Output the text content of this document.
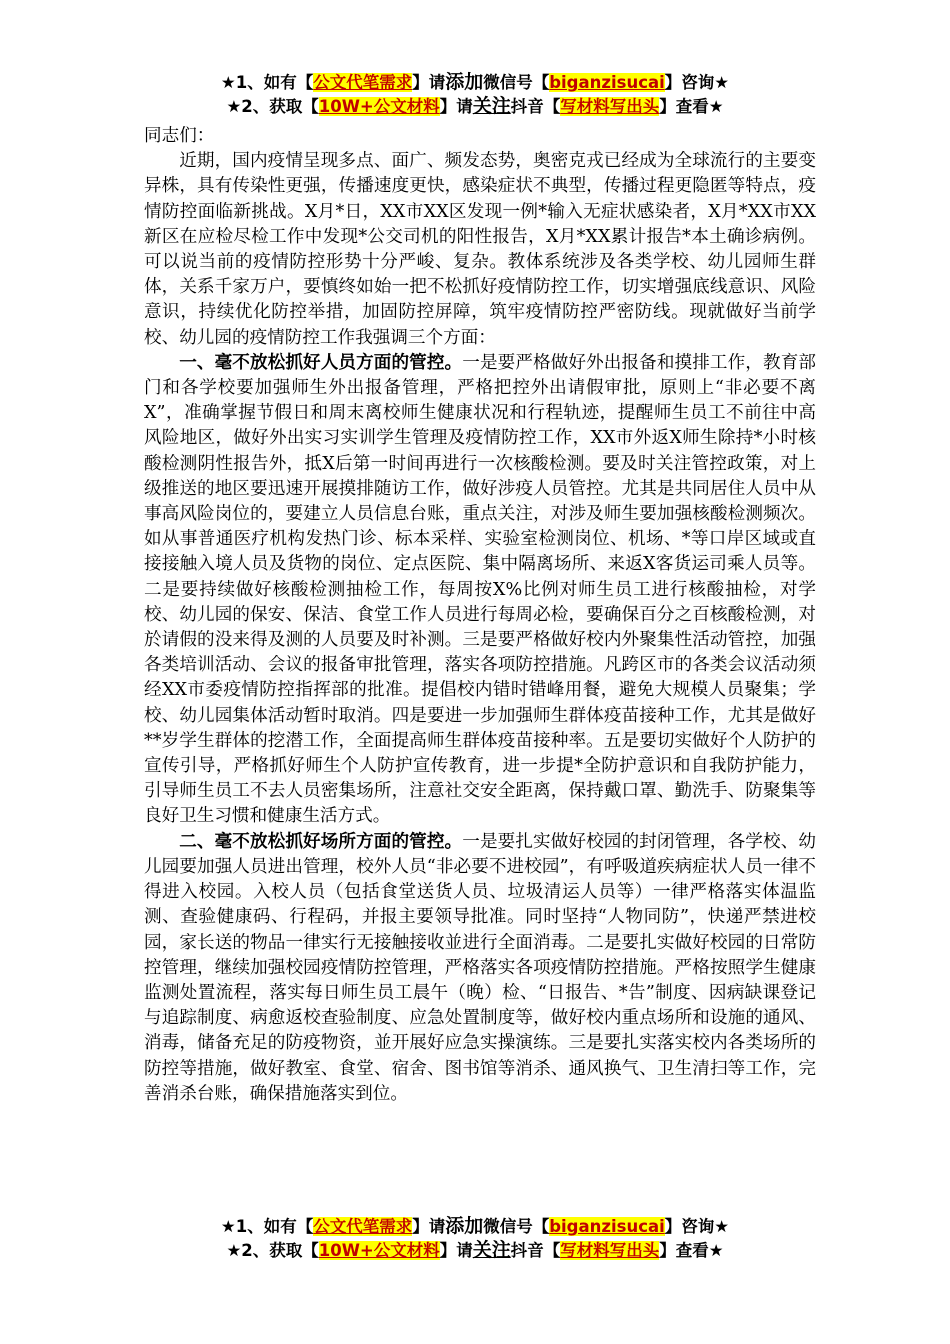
★1、如有【公文代笔需求】请添加微信号【biganzisucai】咨询★
★2、获取【10W+公文材料】请关注抖音【写材料写出头】查看★

同志们：

近期，国内疫情呈现多点、面广、频发态势，奥密克戎已经成为全球流行的主要变异株，具有传染性更强，传播速度更快，感染症状不典型，传播过程更隐匿等特点，疫情防控面临新挑战。X月*日，XX市XX区发现一例*输入无症状感染者，X月*XX市XX新区在应检尽检工作中发现*公交司机的阳性报告，X月*XX累计报告*本土确诊病例。可以说当前的疫情防控形势十分严峻、复杂。教体系统涉及各类学校、幼儿园师生群体，关系千家万户，要慎终如始一把不松抓好疫情防控工作，切实增强底线意识、风险意识，持续优化防控举措，加固防控屏障，筑牢疫情防控严密防线。现就做好当前学校、幼儿园的疫情防控工作我强调三个方面：

一、毫不放松抓好人员方面的管控。一是要严格做好外出报备和摸排工作，教育部门和各学校要加强师生外出报备管理，严格把控外出请假审批，原则上“非必要不离X”，准确掌握节假日和周末离校师生健康状况和行程轨迹，提醒师生员工不前往中高风险地区，做好外出实习实训学生管理及疫情防控工作，XX市外返X师生除持*小时核酸检测阴性报告外，抵X后第一时间再进行一次核酸检测。要及时关注管控政策，对上级推送的地区要迅速开展摸排随访工作，做好涉疫人员管控。尤其是共同居住人员中从事高风险岗位的，要建立人员信息台账，重点关注，对涉及师生要加强核酸检测频次。如从事普通医疗机构发热门诊、标本采样、实验室检测岗位、机场、*等口岸区域或直接接触入境人员及货物的岗位、定点医院、集中隔离场所、来返X客货运司乘人员等。二是要持续做好核酸检测抽检工作，每周按X%比例对师生员工进行核酸抽检，对学校、幼儿园的保安、保洁、食堂工作人员进行每周必检，要确保百分之百核酸检测，对於请假的没来得及测的人员要及时补测。三是要严格做好校内外聚集性活动管控，加强各类培训活动、会议的报备审批管理，落实各项防控措施。凡跨区市的各类会议活动须经XX市委疫情防控指挥部的批准。提倡校内错时错峰用餐，避免大规模人员聚集；学校、幼儿园集体活动暂时取消。四是要进一步加强师生群体疫苗接种工作，尤其是做好**岁学生群体的挖潜工作，全面提高师生群体疫苗接种率。五是要切实做好个人防护的宣传引导，严格抓好师生个人防护宣传教育，进一步提*全防护意识和自我防护能力，引导师生员工不去人员密集场所，注意社交安全距离，保持戴口罩、勤洗手、防聚集等良好卫生习惯和健康生活方式。

二、毫不放松抓好场所方面的管控。一是要扎实做好校园的封闭管理，各学校、幼儿园要加强人员进出管理，校外人员“非必要不进校园”，有呼吸道疾病症状人员一律不得进入校园。入校人员（包括食堂送货人员、垃圾清运人员等）一律严格落实体温监测、查验健康码、行程码，并报主要领导批准。同时坚持“人物同防”，快递严禁进校园，家长送的物品一律实行无接触接收並进行全面消毒。二是要扎实做好校园的日常防控管理，继续加强校园疫情防控管理，严格落实各项疫情防控措施。严格按照学生健康监测处置流程，落实每日师生员工晨午（晚）检、“日报告、*告”制度、因病缺课登记与追踪制度、病愈返校查验制度、应急处置制度等，做好校内重点场所和设施的通风、消毒，储备充足的防疫物资，並开展好应急实操演练。三是要扎实落实校内各类场所的防控等措施，做好教室、食堂、宿舍、图书馆等消杀、通风换气、卫生清扫等工作，完善消杀台账，确保措施落实到位。

★1、如有【公文代笔需求】请添加微信号【biganzisucai】咨询★
★2、获取【10W+公文材料】请关注抖音【写材料写出头】查看★
